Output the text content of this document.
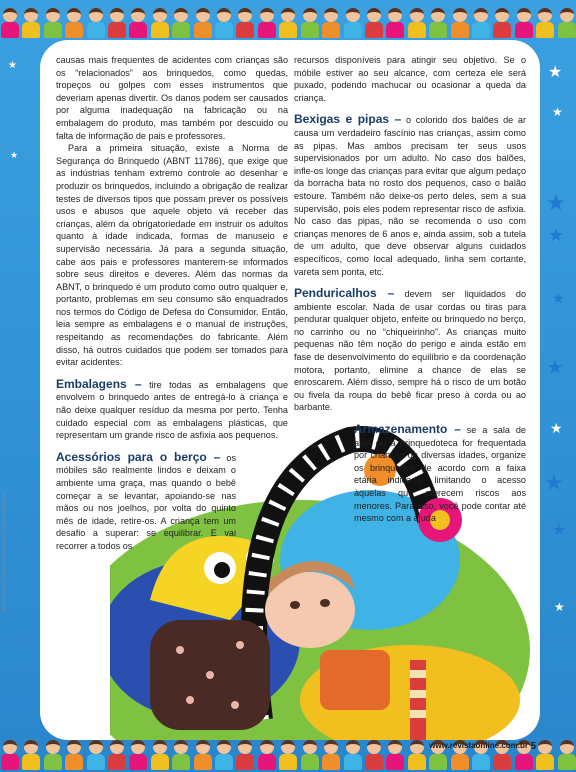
★
★
★
★
★
★
★
★
★
★
★
★

causas mais frequentes de acidentes com crianças são os “relacionados” aos brinquedos, como quedas, tropeços ou golpes com esses instrumentos que deveriam apenas divertir. Os danos podem ser causados por alguma inadequação na fabricação ou na embalagem do produto, mas também por descuido ou falta de informação de pais e professores.

Para a primeira situação, existe a Norma de Segurança do Brinquedo (ABNT 11786), que exige que as indústrias tenham extremo controle ao desenhar e produzir os brinquedos, incluindo a obrigação de realizar testes de diversos tipos que possam prever os possíveis usos e abusos que aquele objeto vá receber das crianças, além da obrigatoriedade em instruir os adultos quanto à idade indicada, formas de manuseio e supervisão necessária. Já para a segunda situação, cabe aos pais e professores manterem-se informados sobre seus direitos e deveres. Além das normas da ABNT, o brinquedo é um produto como outro qualquer e, portanto, problemas em seu consumo são enquadrados nos termos do Código de Defesa do Consumidor. Então, leia sempre as embalagens e o manual de instruções, respeitando as recomendações do fabricante. Além disso, há outros cuidados que podem ser tomados para evitar acidentes:

Embalagens – tire todas as embalagens que envolvem o brinquedo antes de entregá-lo à criança e não deixe qualquer resíduo da mesma por perto. Tenha cuidado especial com as embalagens plásticas, que representam um grande risco de asfixia aos pequenos.

Acessórios para o berço – os móbiles são realmente lindos e deixam o ambiente uma graça, mas quando o bebê começar a se levantar, apoiando-se nas mãos ou nos joelhos, por volta do quinto mês de idade, retire-os. A criança tem um desafio a superar: se equilibrar. E vai recorrer a todos os

recursos disponíveis para atingir seu objetivo. Se o móbile estiver ao seu alcance, com certeza ele será puxado, podendo machucar ou ocasionar a queda da criança.

Bexigas e pipas – o colorido dos balões de ar causa um verdadeiro fascínio nas crianças, assim como as pipas. Mas ambos precisam ter seus usos supervisionados por um adulto. No caso dos balões, infle-os longe das crianças para evitar que algum pedaço da borracha bata no rosto dos pequenos, caso o balão estoure. Também não deixe-os perto deles, sem a sua supervisão, pois eles podem representar risco de asfixia. No caso das pipas, não se recomenda o uso com crianças menores de 6 anos e, ainda assim, sob a tutela de um adulto, que deve observar alguns cuidados específicos, como local adequado, linha sem cortante, vareta sem ponta, etc.

Penduricalhos – devem ser liquidados do ambiente escolar. Nada de usar cordas ou tiras para pendurar qualquer objeto, enfeite ou brinquedo no berço, no carrinho ou no “chiqueirinho”. As crianças muito pequenas não têm noção do perigo e ainda estão em fase de desenvolvimento do equilíbrio e da coordenação motora, portanto, elimine a chance de elas se enroscarem. Além disso, sempre há o risco de um botão ou fivela da roupa do bebê ficar preso à corda ou ao barbante.

Armazenamento – se a sala de aula ou a brinquedoteca for frequentada por crianças de diversas idades, organize os brinquedos de acordo com a faixa etária indicada, limitando o acesso àquelas que oferecem riscos aos menores. Para isso, você pode contar até mesmo com a ajuda

Foto: Camila Calheiros / Produção: Cristiane Basseto
www.revistaonline.com.br 5
